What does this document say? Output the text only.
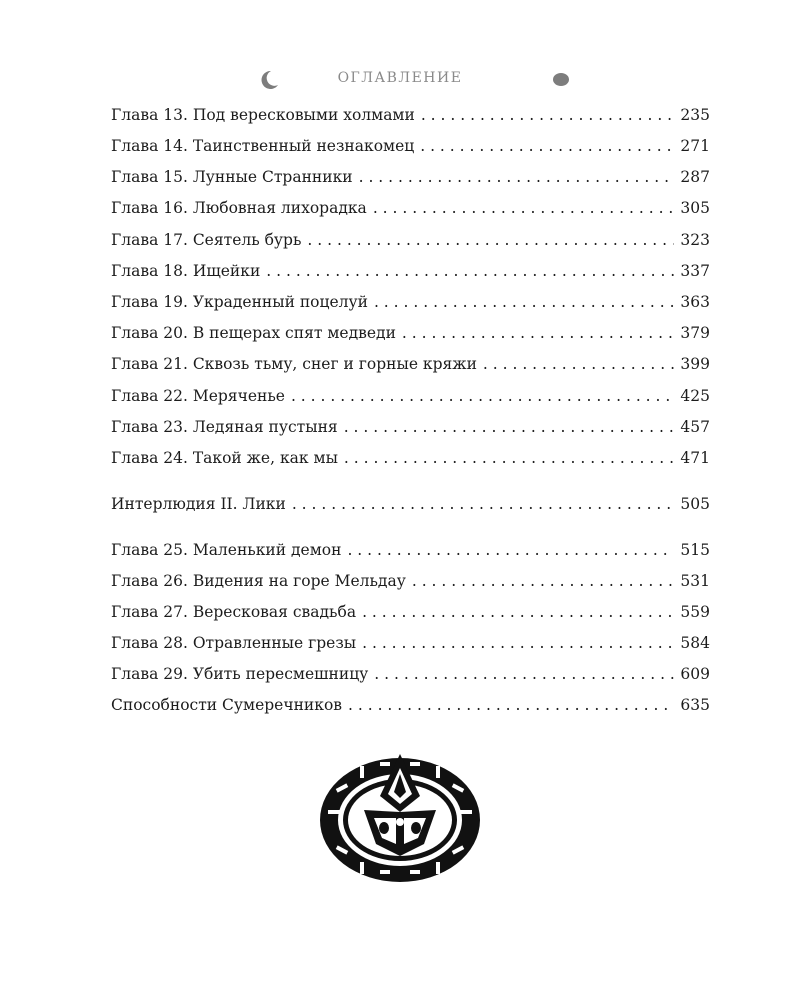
ОГЛАВЛЕНИЕ
Глава 13. Под вересковыми холмами . . .	235
Глава 14. Таинственный незнакомец . . .	271
Глава 15. Лунные Странники . . .	287
Глава 16. Любовная лихорадка . . .	305
Глава 17. Сеятель бурь . . .	323
Глава 18. Ищейки . . .	337
Глава 19. Украденный поцелуй . . .	363
Глава 20. В пещерах спят медведи . . .	379
Глава 21. Сквозь тьму, снег и горные кряжи . . .	399
Глава 22. Меряченье . . .	425
Глава 23. Ледяная пустыня . . .	457
Глава 24. Такой же, как мы . . .	471
Интерлюдия II. Лики . . .	505
Глава 25. Маленький демон . . .	515
Глава 26. Видения на горе Мельдау . . .	531
Глава 27. Вересковая свадьба . . .	559
Глава 28. Отравленные грезы . . .	584
Глава 29. Убить пересмешницу . . .	609
Способности Сумеречников . . .	635
